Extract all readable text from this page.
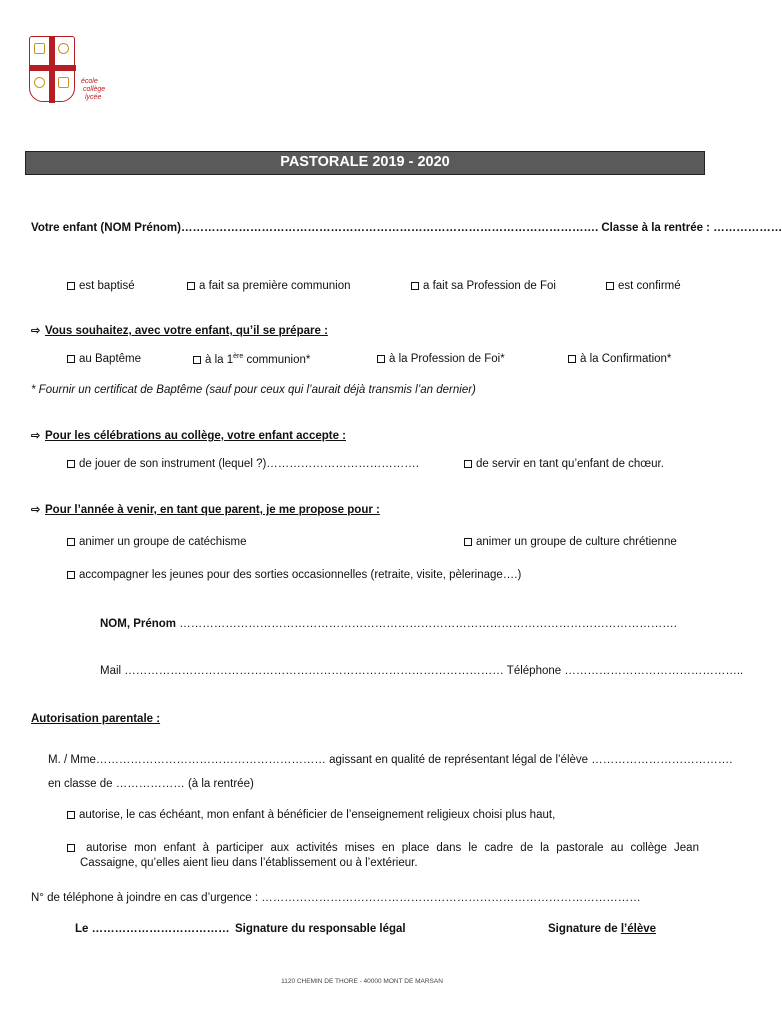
école
collège
lycée
PASTORALE 2019 - 2020
Votre enfant (NOM Prénom)………………………………………………………………………………………………. Classe à la rentrée : ………………
est baptisé	a fait sa première communion	a fait sa Profession de Foi	est confirmé
⇨ Vous souhaitez, avec votre enfant, qu’il se prépare :
au Baptême	à la 1ère communion*	à la Profession de Foi*	à la Confirmation*
* Fournir un certificat de Baptême (sauf pour ceux qui l’aurait déjà transmis l’an dernier)
⇨ Pour les célébrations au collège, votre enfant accepte :
de jouer de son instrument (lequel ?)………………………………….	de servir en tant qu’enfant de chœur.
⇨ Pour l’année à venir, en tant que parent, je me propose pour :
animer un groupe de catéchisme	animer un groupe de culture chrétienne
accompagner les jeunes pour des sorties occasionnelles (retraite, visite, pèlerinage….)
NOM, Prénom ………………………………………………………………………………………………………………….
Mail ……………………………………………………………………………………… Téléphone ………………………………………..
Autorisation parentale :
M. / Mme…………………………………………………… agissant en qualité de représentant légal de l’élève ……………………………….
en classe de ……………… (à la rentrée)
autorise, le cas échéant, mon enfant à bénéficier de l’enseignement religieux choisi plus haut,
autorise mon enfant à participer aux activités mises en place dans le cadre de la pastorale au collège Jean
Cassaigne, qu’elles aient lieu dans l’établissement ou à l’extérieur.
N° de téléphone à joindre en cas d’urgence : ………………………………………………………………………………………
Le ……………………………… Signature du responsable légal	Signature de l’élève
1120 CHEMIN DE THORE - 40000 MONT DE MARSAN
